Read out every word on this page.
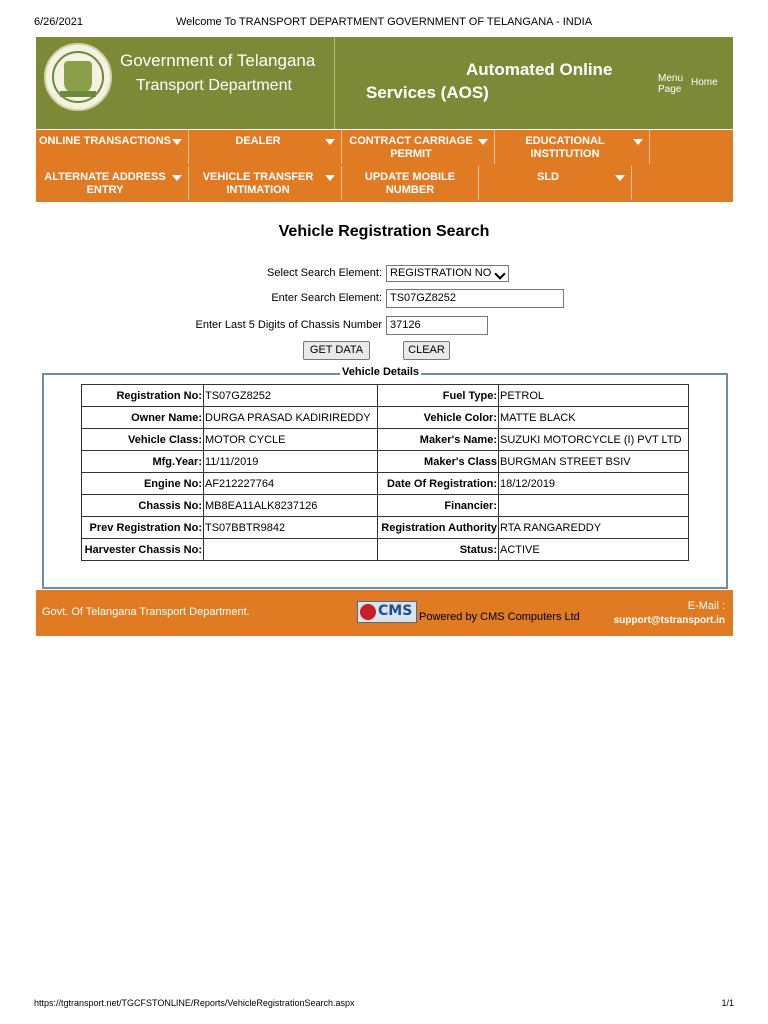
6/26/2021	Welcome To TRANSPORT DEPARTMENT GOVERNMENT OF TELANGANA - INDIA
Government of Telangana
Transport Department
Automated Online
Services (AOS)
Menu Page
Home
ONLINE TRANSACTIONS	DEALER	CONTRACT CARRIAGE PERMIT
EDUCATIONAL INSTITUTION
ALTERNATE ADDRESS ENTRY
VEHICLE TRANSFER INTIMATION
UPDATE MOBILE NUMBER
SLD
Vehicle Registration Search
Select Search Element: REGISTRATION NO
Enter Search Element: TS07GZ8252
Enter Last 5 Digits of Chassis Number 37126
GET DATA	CLEAR
Vehicle Details
Registration No:	TS07GZ8252	Fuel Type:	PETROL
Owner Name:	DURGA PRASAD KADIRIREDDY	Vehicle Color:	MATTE BLACK
Vehicle Class:	MOTOR CYCLE	Maker's Name:	SUZUKI MOTORCYCLE (I) PVT LTD
Mfg.Year:	11/11/2019	Maker's Class	BURGMAN STREET BSIV
Engine No:	AF212227764	Date Of Registration:	18/12/2019
Chassis No:	MB8EA11ALK8237126	Financier:	
Prev Registration No:	TS07BBTR9842	Registration Authority	RTA RANGAREDDY
Harvester Chassis No:		Status:	ACTIVE
Govt. Of Telangana Transport Department.	CMS Powered by CMS Computers Ltd
E-Mail :
support@tstransport.in
https://tgtransport.net/TGCFSTONLINE/Reports/VehicleRegistrationSearch.aspx	1/1
